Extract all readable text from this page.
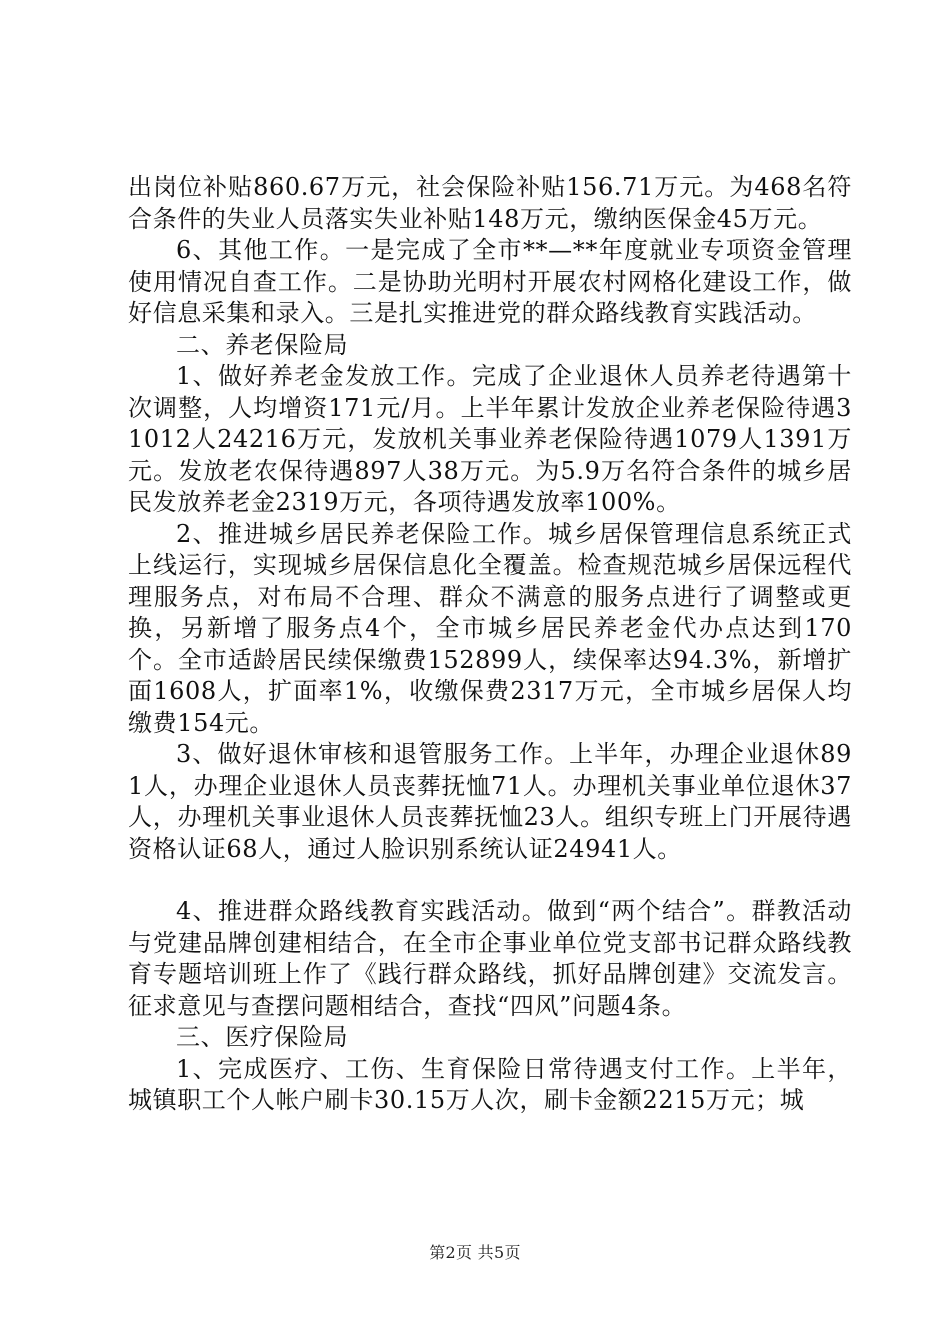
出岗位补贴860.67万元，社会保险补贴156.71万元。为468名符合条件的失业人员落实失业补贴148万元，缴纳医保金45万元。

6、其他工作。一是完成了全市**—**年度就业专项资金管理使用情况自查工作。二是协助光明村开展农村网格化建设工作，做好信息采集和录入。三是扎实推进党的群众路线教育实践活动。

二、养老保险局

1、做好养老金发放工作。完成了企业退休人员养老待遇第十次调整，人均增资171元/月。上半年累计发放企业养老保险待遇31012人24216万元，发放机关事业养老保险待遇1079人1391万元。发放老农保待遇897人38万元。为5.9万名符合条件的城乡居民发放养老金2319万元，各项待遇发放率100%。

2、推进城乡居民养老保险工作。城乡居保管理信息系统正式上线运行，实现城乡居保信息化全覆盖。检查规范城乡居保远程代理服务点，对布局不合理、群众不满意的服务点进行了调整或更换，另新增了服务点4个，全市城乡居民养老金代办点达到170个。全市适龄居民续保缴费152899人，续保率达94.3%，新增扩面1608人，扩面率1%，收缴保费2317万元，全市城乡居保人均缴费154元。

3、做好退休审核和退管服务工作。上半年，办理企业退休891人，办理企业退休人员丧葬抚恤71人。办理机关事业单位退休37人，办理机关事业退休人员丧葬抚恤23人。组织专班上门开展待遇资格认证68人，通过人脸识别系统认证24941人。

4、推进群众路线教育实践活动。做到“两个结合”。群教活动与党建品牌创建相结合，在全市企事业单位党支部书记群众路线教育专题培训班上作了《践行群众路线，抓好品牌创建》交流发言。征求意见与查摆问题相结合，查找“四风”问题4条。

三、医疗保险局

1、完成医疗、工伤、生育保险日常待遇支付工作。上半年，城镇职工个人帐户刷卡30.15万人次，刷卡金额2215万元；城

第2页 共5页
